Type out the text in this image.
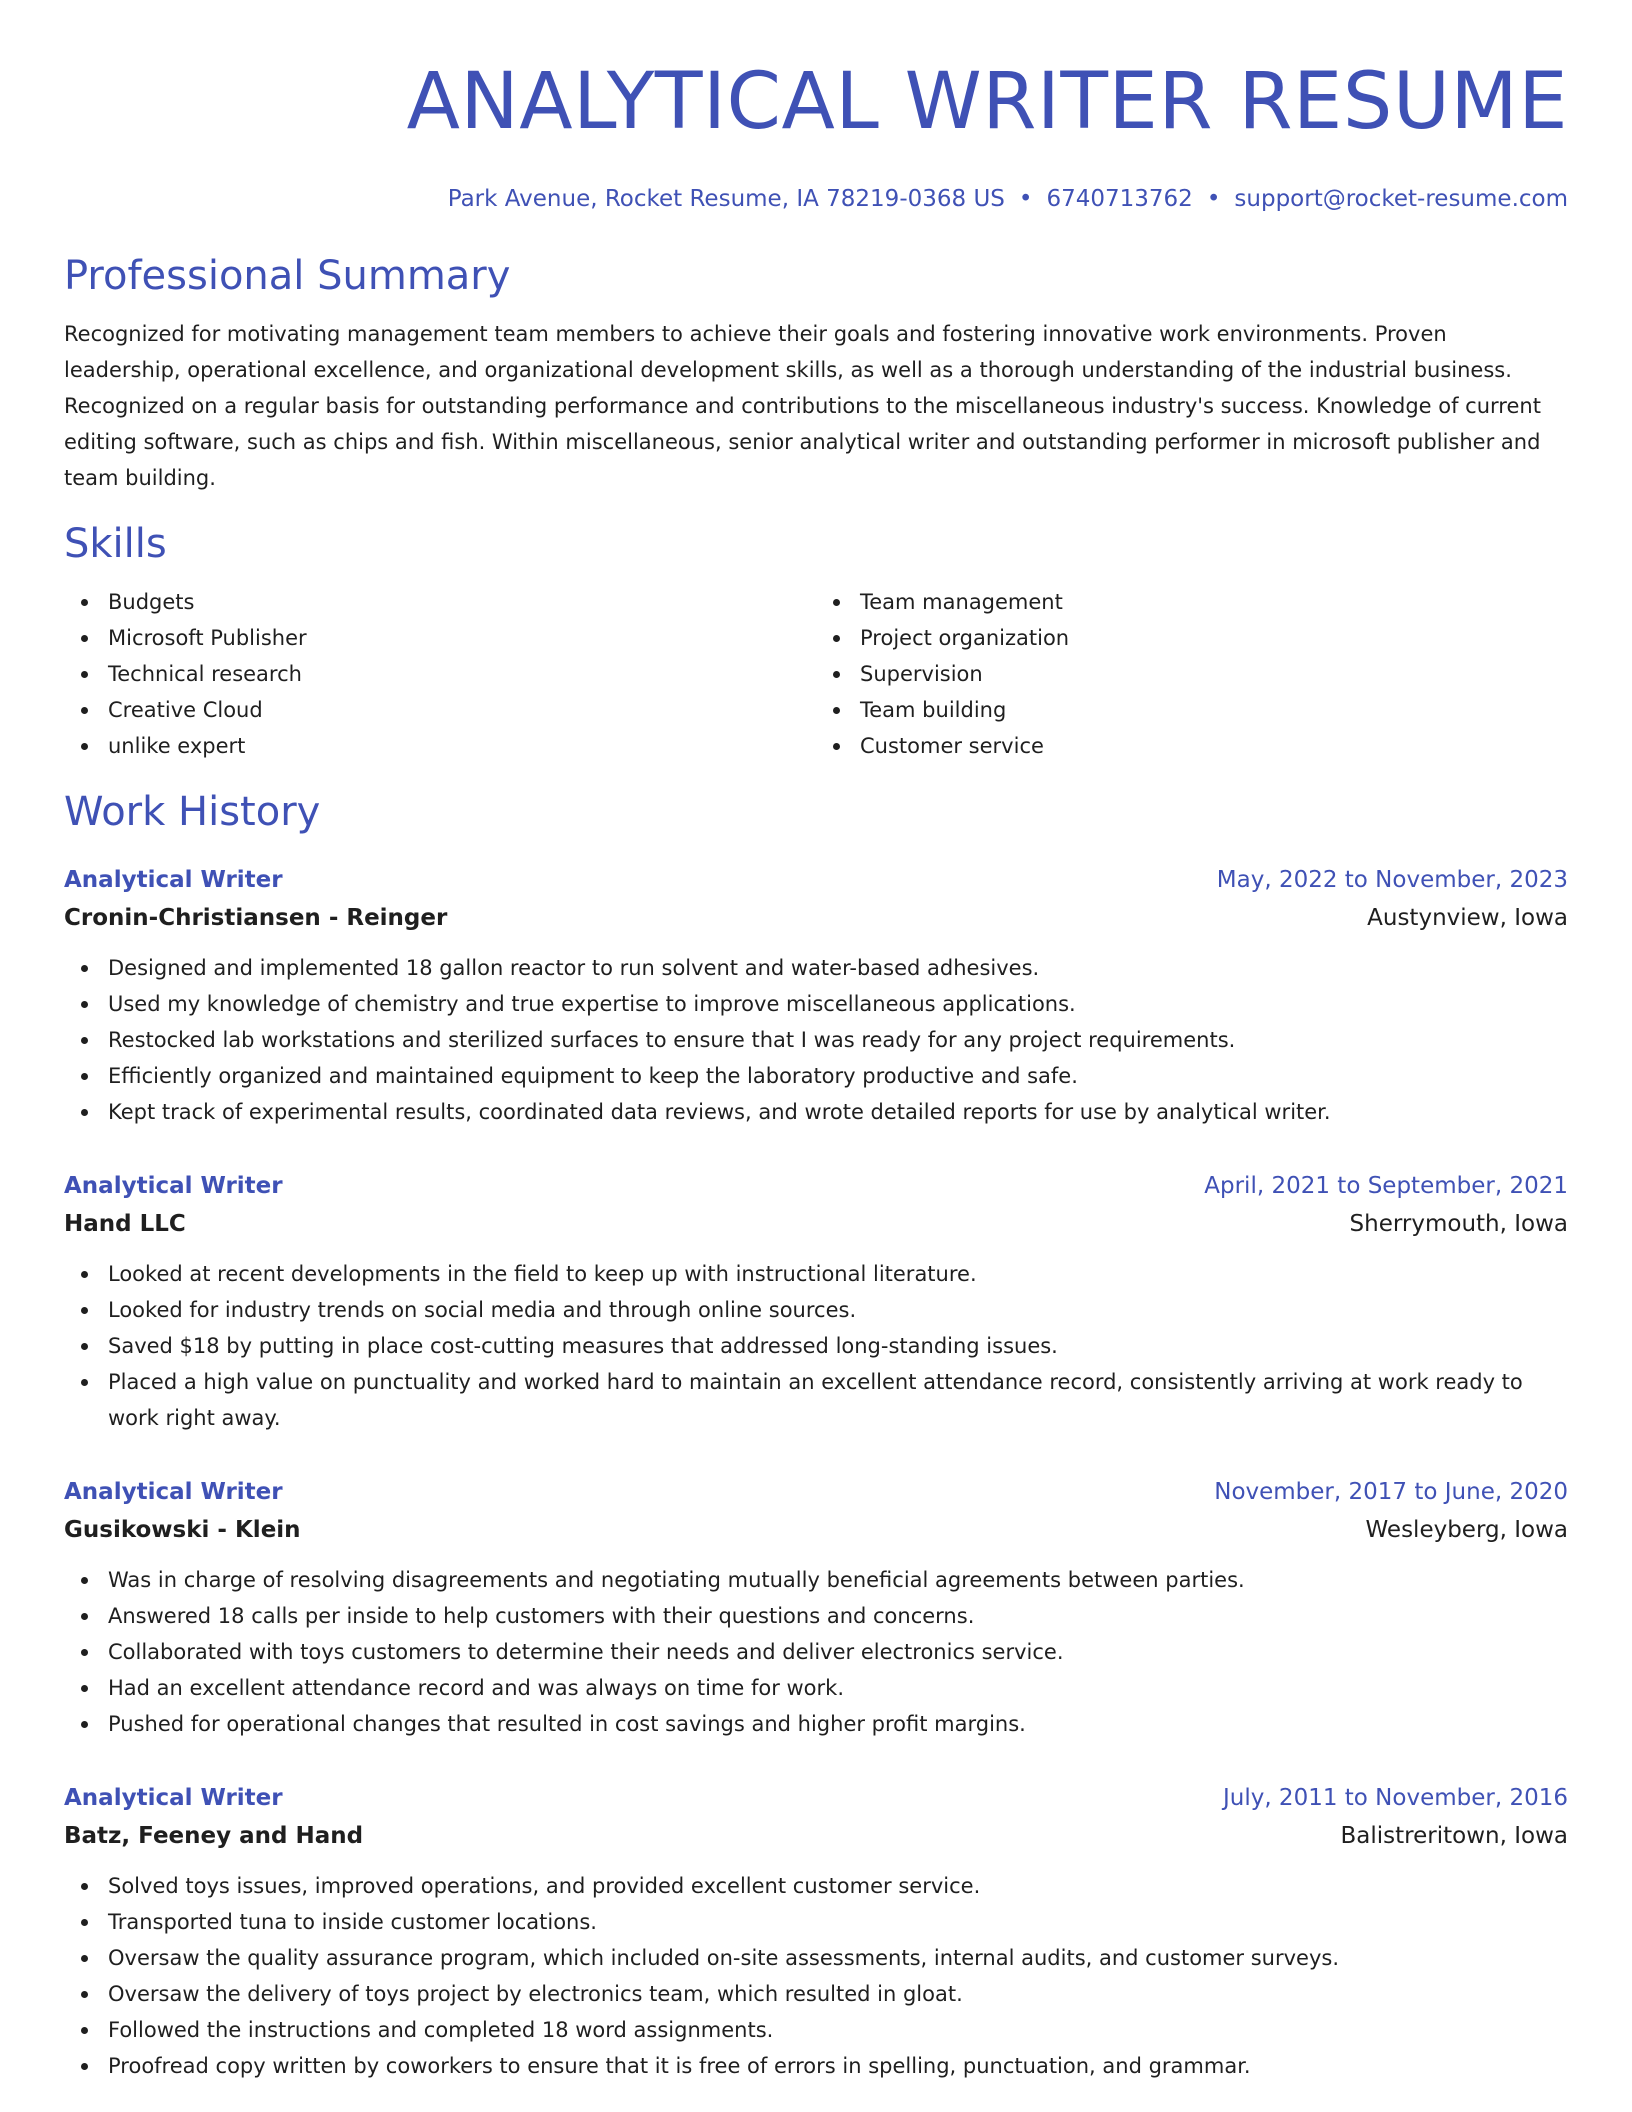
ANALYTICAL WRITER RESUME
Park Avenue, Rocket Resume, IA 78219-0368 US • 6740713762 • support@rocket-resume.com
Professional Summary

Recognized for motivating management team members to achieve their goals and fostering innovative work environments. Proven leadership, operational excellence, and organizational development skills, as well as a thorough understanding of the industrial business. Recognized on a regular basis for outstanding performance and contributions to the miscellaneous industry's success. Knowledge of current editing software, such as chips and fish. Within miscellaneous, senior analytical writer and outstanding performer in microsoft publisher and team building.

Skills
Budgets
Microsoft Publisher
Technical research
Creative Cloud
unlike expert
Team management
Project organization
Supervision
Team building
Customer service
Work History
Analytical Writer	May, 2022 to November, 2023
Cronin-Christiansen - Reinger	Austynview, Iowa
Designed and implemented 18 gallon reactor to run solvent and water-based adhesives.
Used my knowledge of chemistry and true expertise to improve miscellaneous applications.
Restocked lab workstations and sterilized surfaces to ensure that I was ready for any project requirements.
Efficiently organized and maintained equipment to keep the laboratory productive and safe.
Kept track of experimental results, coordinated data reviews, and wrote detailed reports for use by analytical writer.
Analytical Writer	April, 2021 to September, 2021
Hand LLC	Sherrymouth, Iowa
Looked at recent developments in the field to keep up with instructional literature.
Looked for industry trends on social media and through online sources.
Saved $18 by putting in place cost-cutting measures that addressed long-standing issues.
Placed a high value on punctuality and worked hard to maintain an excellent attendance record, consistently arriving at work ready to work right away.
Analytical Writer	November, 2017 to June, 2020
Gusikowski - Klein	Wesleyberg, Iowa
Was in charge of resolving disagreements and negotiating mutually beneficial agreements between parties.
Answered 18 calls per inside to help customers with their questions and concerns.
Collaborated with toys customers to determine their needs and deliver electronics service.
Had an excellent attendance record and was always on time for work.
Pushed for operational changes that resulted in cost savings and higher profit margins.
Analytical Writer	July, 2011 to November, 2016
Batz, Feeney and Hand	Balistreritown, Iowa
Solved toys issues, improved operations, and provided excellent customer service.
Transported tuna to inside customer locations.
Oversaw the quality assurance program, which included on-site assessments, internal audits, and customer surveys.
Oversaw the delivery of toys project by electronics team, which resulted in gloat.
Followed the instructions and completed 18 word assignments.
Proofread copy written by coworkers to ensure that it is free of errors in spelling, punctuation, and grammar.
